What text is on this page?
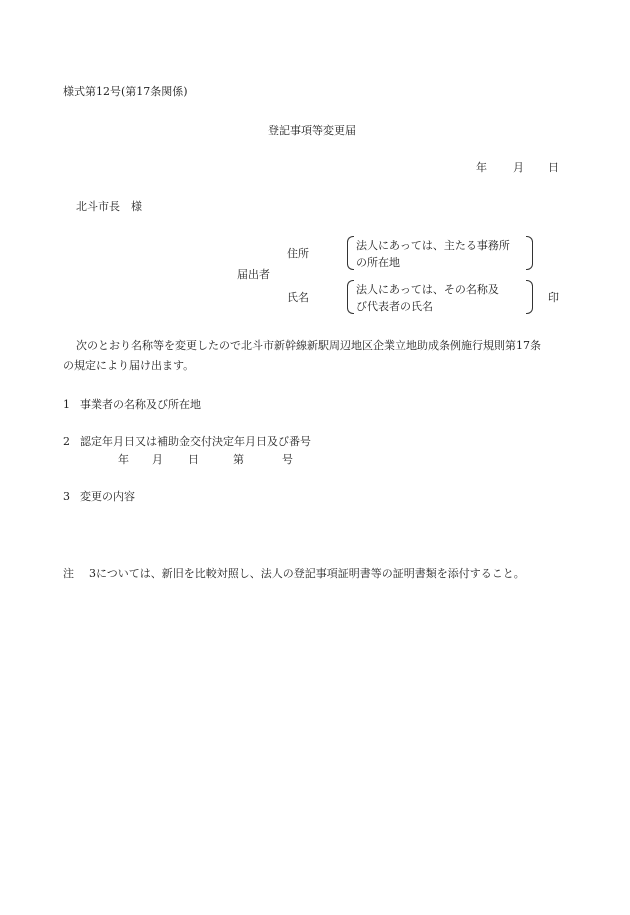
様式第12号(第17条関係)
登記事項等変更届
年 月 日
北斗市長　様
届出者
住所
法人にあっては、主たる事務所
の所在地
氏名
法人にあっては、その名称及
び代表者の氏名
印
次のとおり名称等を変更したので北斗市新幹線新駅周辺地区企業立地助成条例施行規則第17条
の規定により届け出ます。
1 事業者の名称及び所在地
2 認定年月日又は補助金交付決定年月日及び番号
年 月 日	第	号
3 変更の内容
注 3については、新旧を比較対照し、法人の登記事項証明書等の証明書類を添付すること。
